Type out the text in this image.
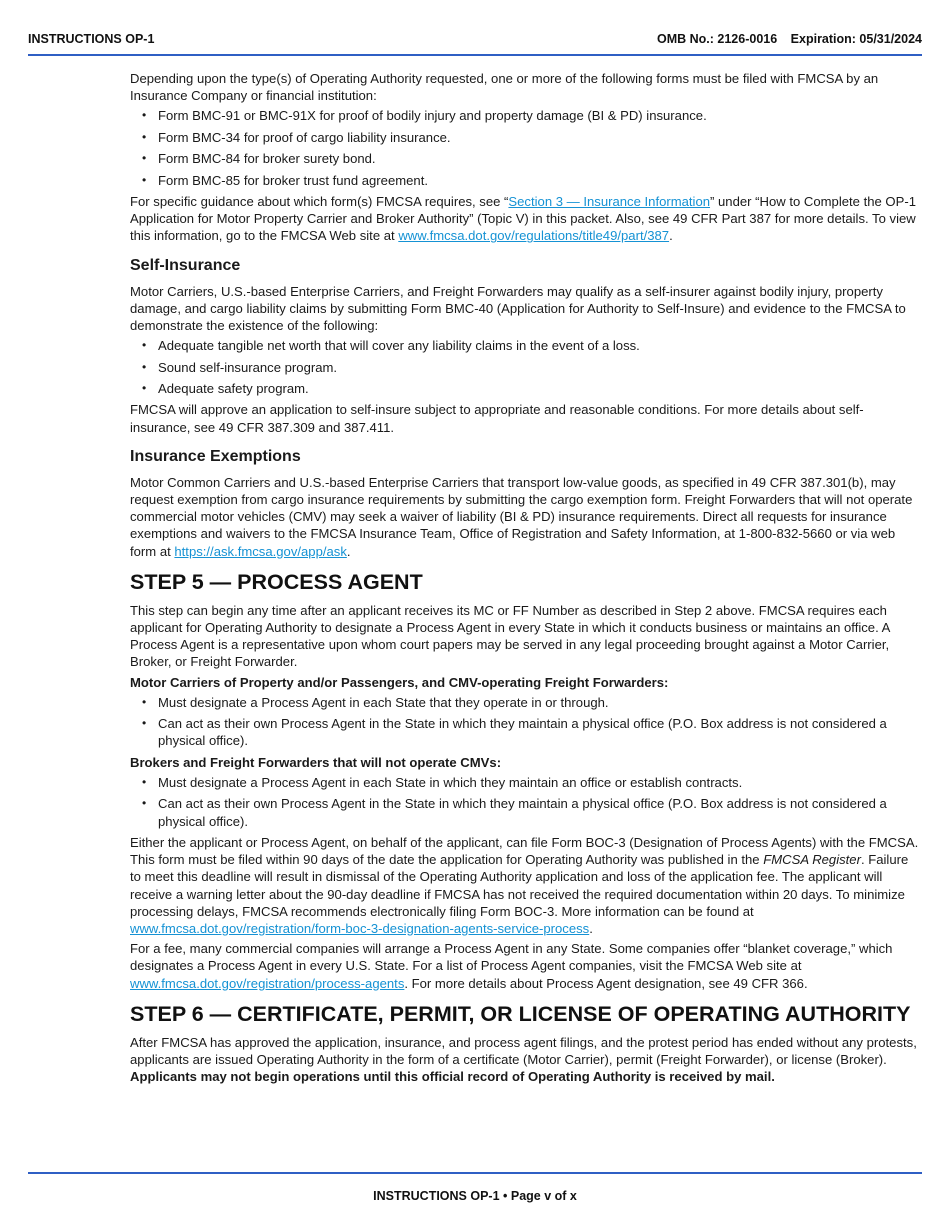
INSTRUCTIONS OP-1	OMB No.: 2126-0016 Expiration: 05/31/2024

Depending upon the type(s) of Operating Authority requested, one or more of the following forms must be filed with FMCSA by an Insurance Company or financial institution:

• Form BMC-91 or BMC-91X for proof of bodily injury and property damage (BI & PD) insurance.
• Form BMC-34 for proof of cargo liability insurance.
• Form BMC-84 for broker surety bond.
• Form BMC-85 for broker trust fund agreement.

For specific guidance about which form(s) FMCSA requires, see “Section 3 — Insurance Information” under “How to Complete the OP-1 Application for Motor Property Carrier and Broker Authority” (Topic V) in this packet. Also, see 49 CFR Part 387 for more details. To view this information, go to the FMCSA Web site at www.fmcsa.dot.gov/regulations/title49/part/387.

Self-Insurance

Motor Carriers, U.S.-based Enterprise Carriers, and Freight Forwarders may qualify as a self-insurer against bodily injury, property damage, and cargo liability claims by submitting Form BMC-40 (Application for Authority to Self-Insure) and evidence to the FMCSA to demonstrate the existence of the following:

• Adequate tangible net worth that will cover any liability claims in the event of a loss.
• Sound self-insurance program.
• Adequate safety program.

FMCSA will approve an application to self-insure subject to appropriate and reasonable conditions. For more details about self-insurance, see 49 CFR 387.309 and 387.411.

Insurance Exemptions

Motor Common Carriers and U.S.-based Enterprise Carriers that transport low-value goods, as specified in 49 CFR 387.301(b), may request exemption from cargo insurance requirements by submitting the cargo exemption form. Freight Forwarders that will not operate commercial motor vehicles (CMV) may seek a waiver of liability (BI & PD) insurance requirements. Direct all requests for insurance exemptions and waivers to the FMCSA Insurance Team, Office of Registration and Safety Information, at 1-800-832-5660 or via web form at https://ask.fmcsa.gov/app/ask.

STEP 5 — PROCESS AGENT

This step can begin any time after an applicant receives its MC or FF Number as described in Step 2 above. FMCSA requires each applicant for Operating Authority to designate a Process Agent in every State in which it conducts business or maintains an office. A Process Agent is a representative upon whom court papers may be served in any legal proceeding brought against a Motor Carrier, Broker, or Freight Forwarder.

Motor Carriers of Property and/or Passengers, and CMV-operating Freight Forwarders:

• Must designate a Process Agent in each State that they operate in or through.
• Can act as their own Process Agent in the State in which they maintain a physical office (P.O. Box address is not considered a physical office).

Brokers and Freight Forwarders that will not operate CMVs:

• Must designate a Process Agent in each State in which they maintain an office or establish contracts.
• Can act as their own Process Agent in the State in which they maintain a physical office (P.O. Box address is not considered a physical office).

Either the applicant or Process Agent, on behalf of the applicant, can file Form BOC-3 (Designation of Process Agents) with the FMCSA. This form must be filed within 90 days of the date the application for Operating Authority was published in the FMCSA Register. Failure to meet this deadline will result in dismissal of the Operating Authority application and loss of the application fee. The applicant will receive a warning letter about the 90-day deadline if FMCSA has not received the required documentation within 20 days. To minimize processing delays, FMCSA recommends electronically filing Form BOC-3. More information can be found at www.fmcsa.dot.gov/registration/form-boc-3-designation-agents-service-process.

For a fee, many commercial companies will arrange a Process Agent in any State. Some companies offer “blanket coverage,” which designates a Process Agent in every U.S. State. For a list of Process Agent companies, visit the FMCSA Web site at www.fmcsa.dot.gov/registration/process-agents. For more details about Process Agent designation, see 49 CFR 366.

STEP 6 — CERTIFICATE, PERMIT, OR LICENSE OF OPERATING AUTHORITY

After FMCSA has approved the application, insurance, and process agent filings, and the protest period has ended without any protests, applicants are issued Operating Authority in the form of a certificate (Motor Carrier), permit (Freight Forwarder), or license (Broker). Applicants may not begin operations until this official record of Operating Authority is received by mail.

INSTRUCTIONS OP-1 • Page v of x
